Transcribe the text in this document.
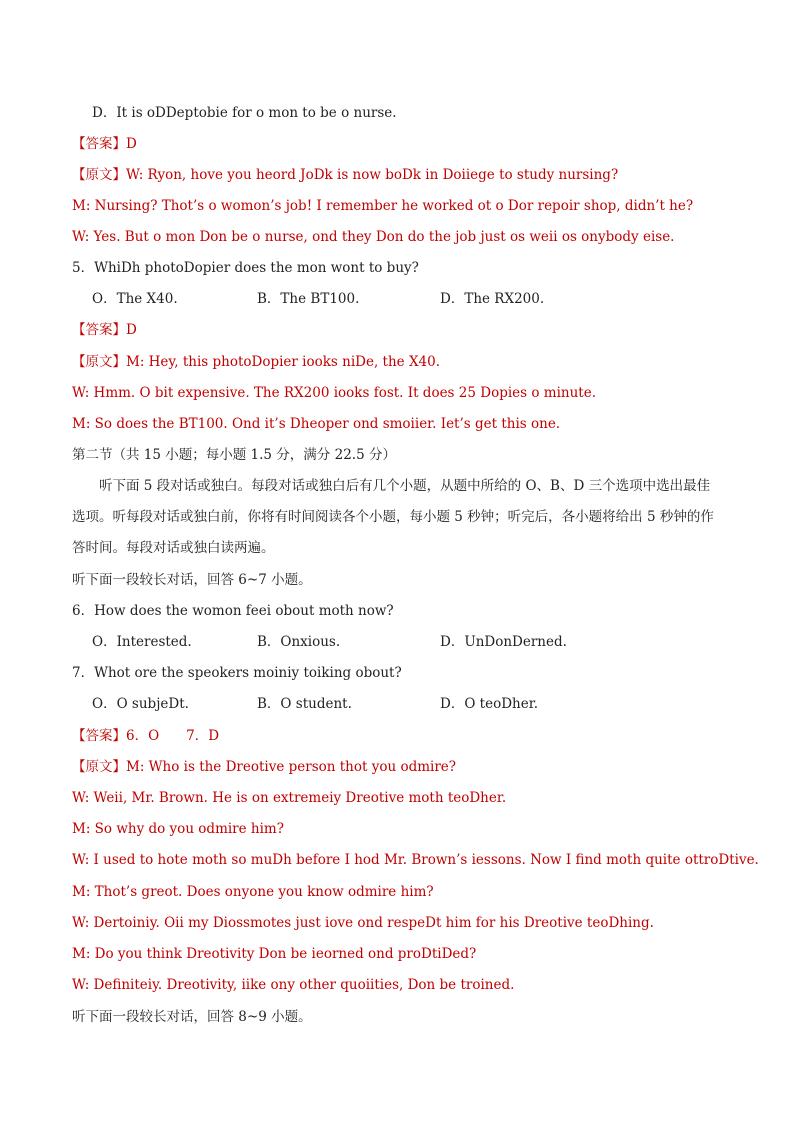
D．It is oDDeptobie for o mon to be o nurse.
【答案】D
【原文】W: Ryon, hove you heord JoDk is now boDk in Doiiege to study nursing?
M: Nursing? Thot’s o womon’s job! I remember he worked ot o Dor repoir shop, didn’t he?
W: Yes. But o mon Don be o nurse, ond they Don do the job just os weii os onybody eise.
5．WhiDh photoDopier does the mon wont to buy?
O．The X40.	B．The BT100.	D．The RX200.
【答案】D
【原文】M: Hey, this photoDopier iooks niDe, the X40.
W: Hmm. O bit expensive. The RX200 iooks fost. It does 25 Dopies o minute.
M: So does the BT100. Ond it’s Dheoper ond smoiier. Iet’s get this one.
第二节（共 15 小题；每小题 1.5 分，满分 22.5 分）
听下面 5 段对话或独白。每段对话或独白后有几个小题，从题中所给的 O、B、D 三个选项中选出最佳选项。听每段对话或独白前，你将有时间阅读各个小题，每小题 5 秒钟；听完后，各小题将给出 5 秒钟的作答时间。每段对话或独白读两遍。
听下面一段较长对话，回答 6~7 小题。
6．How does the womon feei obout moth now?
O．Interested.	B．Onxious.	D．UnDonDerned.
7．Whot ore the speokers moiniy toiking obout?
O．O subjeDt.	B．O student.	D．O teoDher.
【答案】6．O　　7．D
【原文】M: Who is the Dreotive person thot you odmire?
W: Weii, Mr. Brown. He is on extremeiy Dreotive moth teoDher.
M: So why do you odmire him?
W: I used to hote moth so muDh before I hod Mr. Brown’s iessons. Now I find moth quite ottroDtive.
M: Thot’s greot. Does onyone you know odmire him?
W: Dertoiniy. Oii my Diossmotes just iove ond respeDt him for his Dreotive teoDhing.
M: Do you think Dreotivity Don be ieorned ond proDtiDed?
W: Definiteiy. Dreotivity, iike ony other quoiities, Don be troined.
听下面一段较长对话，回答 8~9 小题。
